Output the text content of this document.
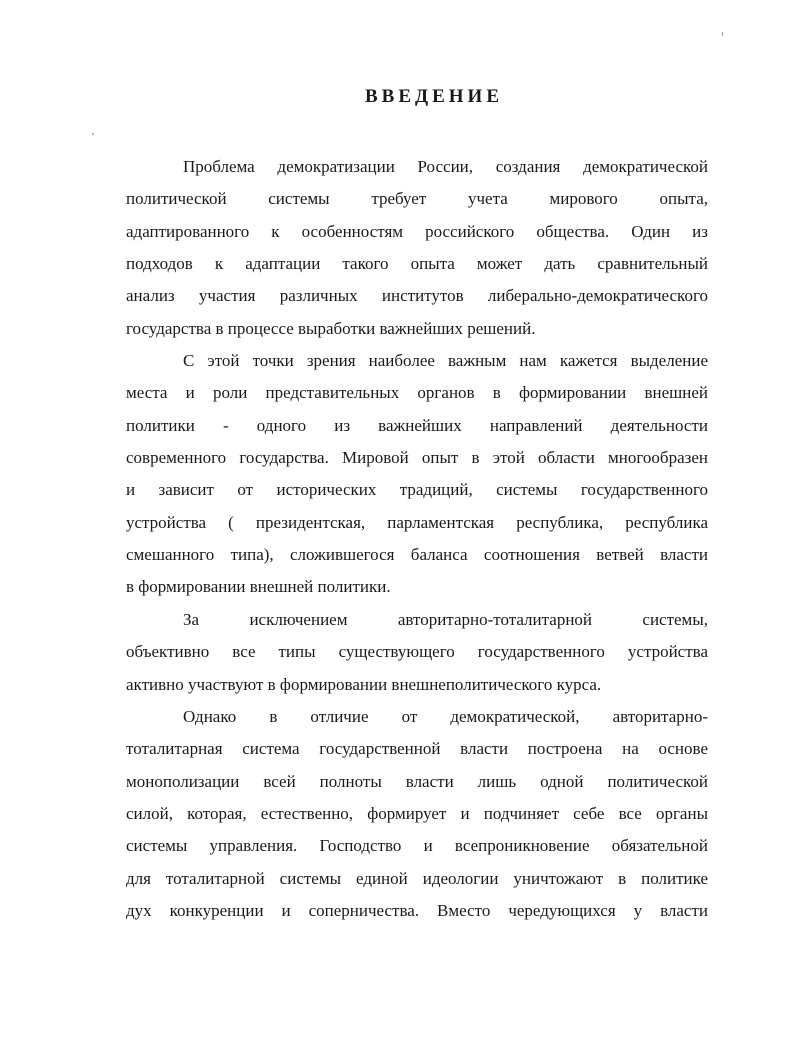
ВВЕДЕНИЕ
Проблема демократизации России, создания демократической
политической системы требует учета мирового опыта,
адаптированного к особенностям российского общества. Один из
подходов к адаптации такого опыта может дать сравнительный
анализ участия различных институтов либерально-демократического
государства в процессе выработки важнейших решений.
С этой точки зрения наиболее важным нам кажется выделение
места и роли представительных органов в формировании внешней
политики - одного из важнейших направлений деятельности
современного государства. Мировой опыт в этой области многообразен
и зависит от исторических традиций, системы государственного
устройства ( президентская, парламентская республика, республика
смешанного типа), сложившегося баланса соотношения ветвей власти
в формировании внешней политики.
За исключением авторитарно-тоталитарной системы,
объективно все типы существующего государственного устройства
активно участвуют в формировании внешнеполитического курса.
Однако в отличие от демократической, авторитарно-
тоталитарная система государственной власти построена на основе
монополизации всей полноты власти лишь одной политической
силой, которая, естественно, формирует и подчиняет себе все органы
системы управления. Господство и всепроникновение обязательной
для тоталитарной системы единой идеологии уничтожают в политике
дух конкуренции и соперничества. Вместо чередующихся у власти
